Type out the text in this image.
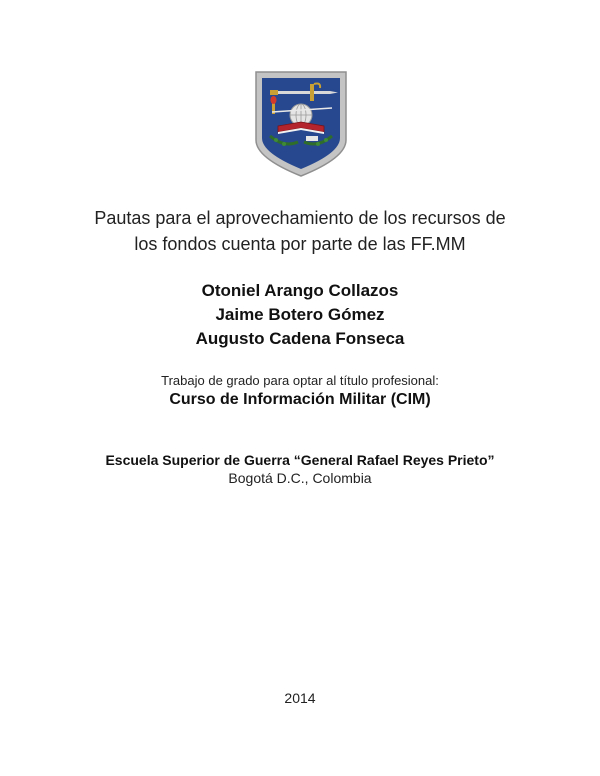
Pautas para el aprovechamiento de los recursos de
los fondos cuenta por parte de las FF.MM
Otoniel Arango Collazos
Jaime Botero Gómez
Augusto Cadena Fonseca
Trabajo de grado para optar al título profesional:
Curso de Información Militar (CIM)
Escuela Superior de Guerra “General Rafael Reyes Prieto”
Bogotá D.C., Colombia
2014
